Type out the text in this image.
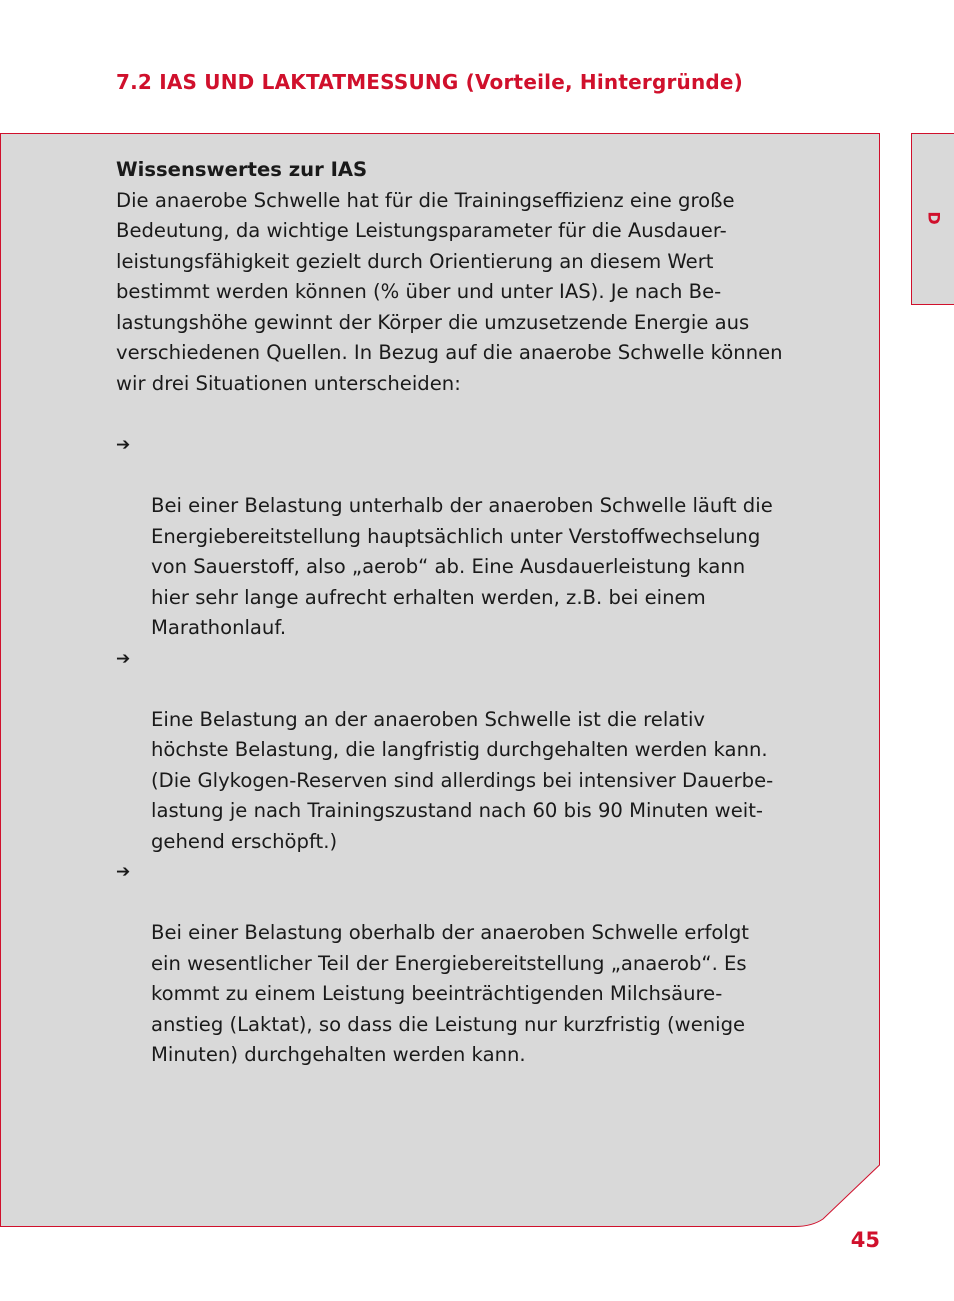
7.2 IAS UND LAKTATMESSUNG (Vorteile, Hintergründe)
Wissenswertes zur IAS

Die anaerobe Schwelle hat für die Trainingseffizienz eine große
Bedeutung, da wichtige Leistungsparameter für die Ausdauer-
leistungsfähigkeit gezielt durch Orientierung an diesem Wert
bestimmt werden können (% über und unter IAS). Je nach Be-
lastungshöhe gewinnt der Körper die umzusetzende Energie aus
verschiedenen Quellen. In Bezug auf die anaerobe Schwelle können
wir drei Situationen unterscheiden:

➔

Bei einer Belastung unterhalb der anaeroben Schwelle läuft die
Energiebereitstellung hauptsächlich unter Verstoffwechselung
von Sauerstoff, also „aerob“ ab. Eine Ausdauerleistung kann
hier sehr lange aufrecht erhalten werden, z.B. bei einem
Marathonlauf.

➔

Eine Belastung an der anaeroben Schwelle ist die relativ
höchste Belastung, die langfristig durchgehalten werden kann.
(Die Glykogen-Reserven sind allerdings bei intensiver Dauerbe-
lastung je nach Trainingszustand nach 60 bis 90 Minuten weit-
gehend erschöpft.)

➔

Bei einer Belastung oberhalb der anaeroben Schwelle erfolgt
ein wesentlicher Teil der Energiebereitstellung „anaerob“. Es
kommt zu einem Leistung beeinträchtigenden Milchsäure-
anstieg (Laktat), so dass die Leistung nur kurzfristig (wenige
Minuten) durchgehalten werden kann.

D
45
